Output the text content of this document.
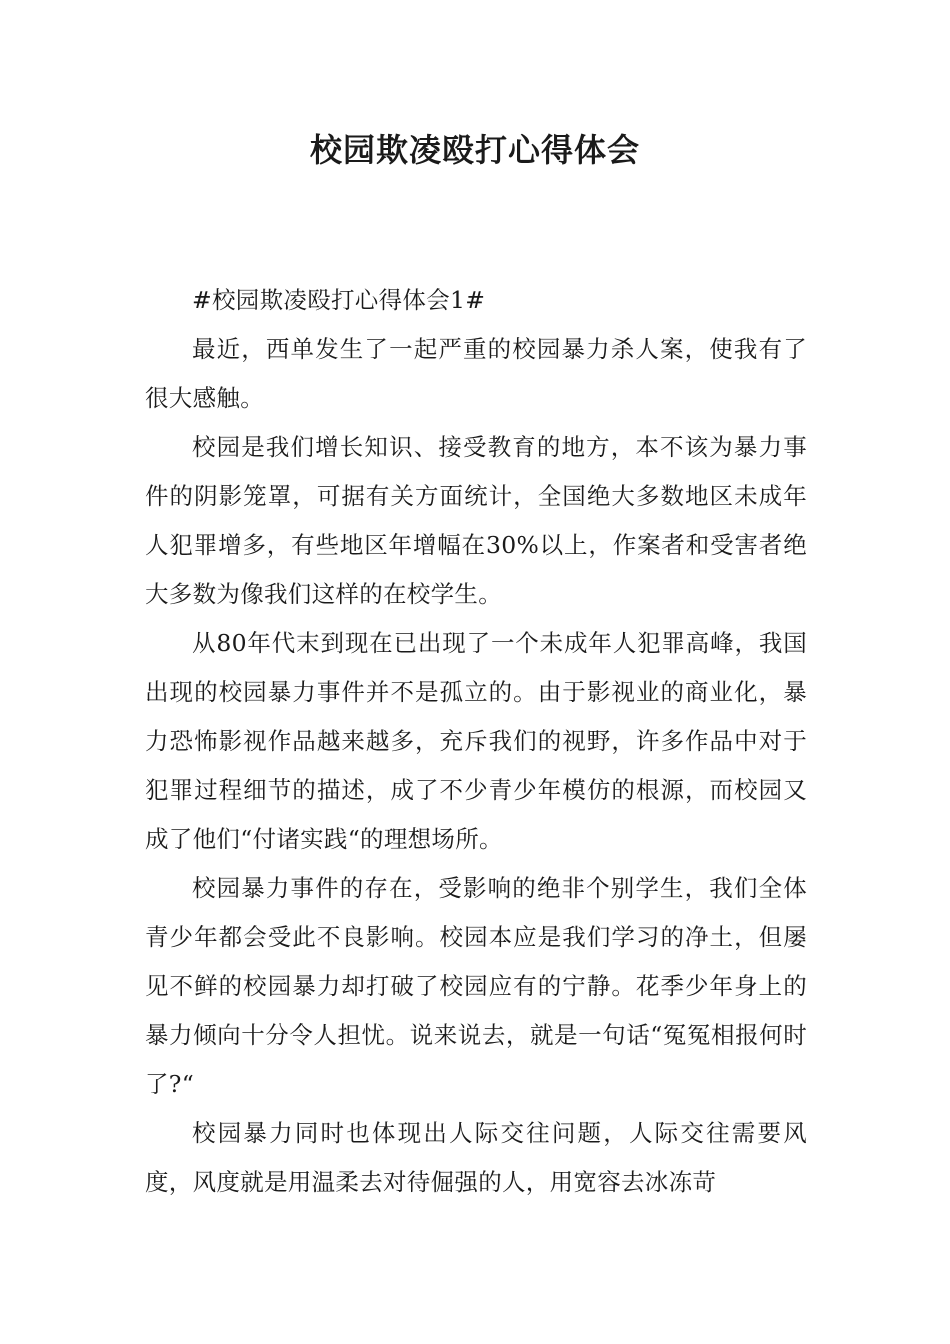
校园欺凌殴打心得体会

#校园欺凌殴打心得体会1#

最近，西单发生了一起严重的校园暴力杀人案，使我有了很大感触。

校园是我们增长知识、接受教育的地方，本不该为暴力事件的阴影笼罩，可据有关方面统计，全国绝大多数地区未成年人犯罪增多，有些地区年增幅在30%以上，作案者和受害者绝大多数为像我们这样的在校学生。

从80年代末到现在已出现了一个未成年人犯罪高峰，我国出现的校园暴力事件并不是孤立的。由于影视业的商业化，暴力恐怖影视作品越来越多，充斥我们的视野，许多作品中对于犯罪过程细节的描述，成了不少青少年模仿的根源，而校园又成了他们“付诸实践“的理想场所。

校园暴力事件的存在，受影响的绝非个别学生，我们全体青少年都会受此不良影响。校园本应是我们学习的净土，但屡见不鲜的校园暴力却打破了校园应有的宁静。花季少年身上的暴力倾向十分令人担忧。说来说去，就是一句话“冤冤相报何时了?“

校园暴力同时也体现出人际交往问题，人际交往需要风度，风度就是用温柔去对待倔强的人，用宽容去冰冻苛
